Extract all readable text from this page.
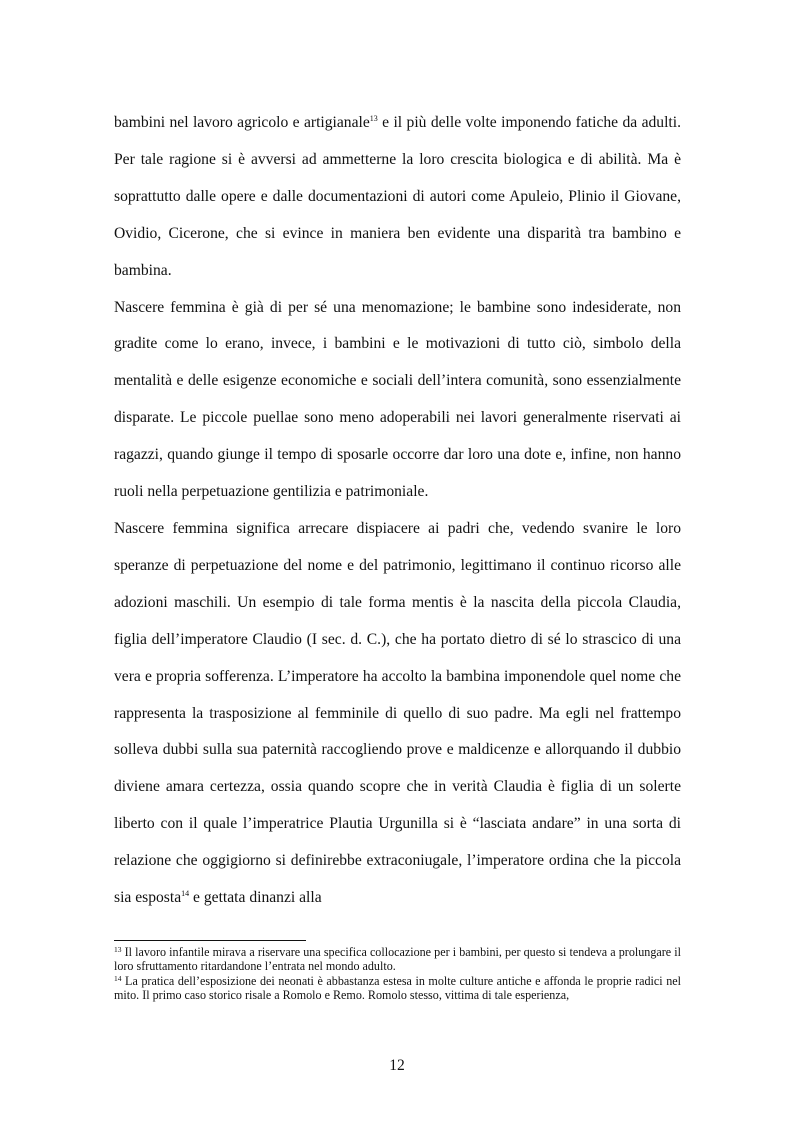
bambini nel lavoro agricolo e artigianale$^{13}$ e il più delle volte imponendo fatiche da adulti. Per tale ragione si è avversi ad ammetterne la loro crescita biologica e di abilità. Ma è soprattutto dalle opere e dalle documentazioni di autori come Apuleio, Plinio il Giovane, Ovidio, Cicerone, che si evince in maniera ben evidente una disparità tra bambino e bambina.

Nascere femmina è già di per sé una menomazione; le bambine sono indesiderate, non gradite come lo erano, invece, i bambini e le motivazioni di tutto ciò, simbolo della mentalità e delle esigenze economiche e sociali dell’intera comunità, sono essenzialmente disparate. Le piccole puellae sono meno adoperabili nei lavori generalmente riservati ai ragazzi, quando giunge il tempo di sposarle occorre dar loro una dote e, infine, non hanno ruoli nella perpetuazione gentilizia e patrimoniale.

Nascere femmina significa arrecare dispiacere ai padri che, vedendo svanire le loro speranze di perpetuazione del nome e del patrimonio, legittimano il continuo ricorso alle adozioni maschili. Un esempio di tale forma mentis è la nascita della piccola Claudia, figlia dell’imperatore Claudio (I sec. d. C.), che ha portato dietro di sé lo strascico di una vera e propria sofferenza. L’imperatore ha accolto la bambina imponendole quel nome che rappresenta la trasposizione al femminile di quello di suo padre. Ma egli nel frattempo solleva dubbi sulla sua paternità raccogliendo prove e maldicenze e allorquando il dubbio diviene amara certezza, ossia quando scopre che in verità Claudia è figlia di un solerte liberto con il quale l’imperatrice Plautia Urgunilla si è “lasciata andare” in una sorta di relazione che oggigiorno si definirebbe extraconiugale, l’imperatore ordina che la piccola sia esposta$^{14}$ e gettata dinanzi alla

$^{13}$ Il lavoro infantile mirava a riservare una specifica collocazione per i bambini, per questo si tendeva a prolungare il loro sfruttamento ritardandone l’entrata nel mondo adulto.

$^{14}$ La pratica dell’esposizione dei neonati è abbastanza estesa in molte culture antiche e affonda le proprie radici nel mito. Il primo caso storico risale a Romolo e Remo. Romolo stesso, vittima di tale esperienza,

12
